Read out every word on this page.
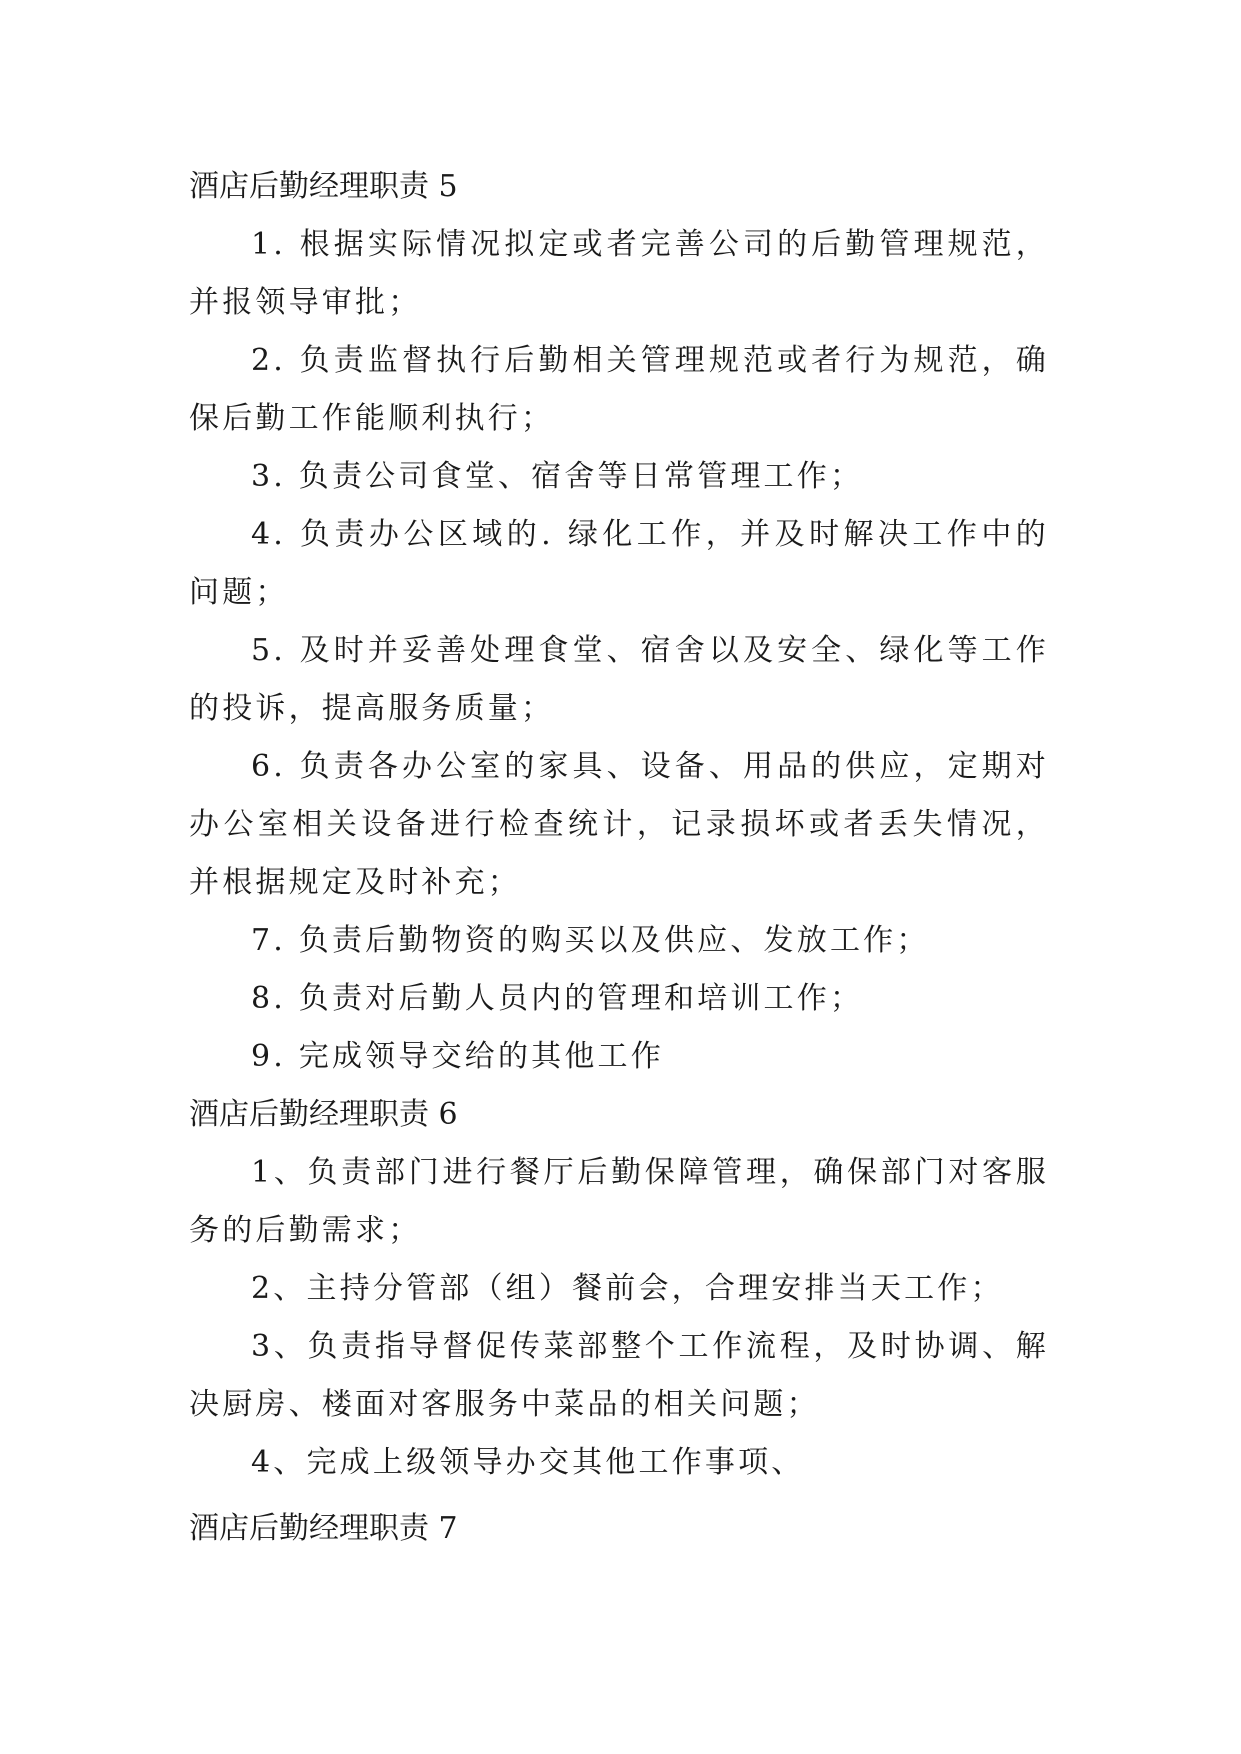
酒店后勤经理职责 5

1. 根据实际情况拟定或者完善公司的后勤管理规范，并报领导审批；

2. 负责监督执行后勤相关管理规范或者行为规范，确保后勤工作能顺利执行；

3. 负责公司食堂、宿舍等日常管理工作；

4. 负责办公区域的. 绿化工作，并及时解决工作中的问题；

5. 及时并妥善处理食堂、宿舍以及安全、绿化等工作的投诉，提高服务质量；

6. 负责各办公室的家具、设备、用品的供应，定期对办公室相关设备进行检查统计，记录损坏或者丢失情况，并根据规定及时补充；

7. 负责后勤物资的购买以及供应、发放工作；

8. 负责对后勤人员内的管理和培训工作；

9. 完成领导交给的其他工作

酒店后勤经理职责 6

1、负责部门进行餐厅后勤保障管理，确保部门对客服务的后勤需求；

2、主持分管部（组）餐前会，合理安排当天工作；

3、负责指导督促传菜部整个工作流程，及时协调、解决厨房、楼面对客服务中菜品的相关问题；

4、完成上级领导办交其他工作事项、

酒店后勤经理职责 7
